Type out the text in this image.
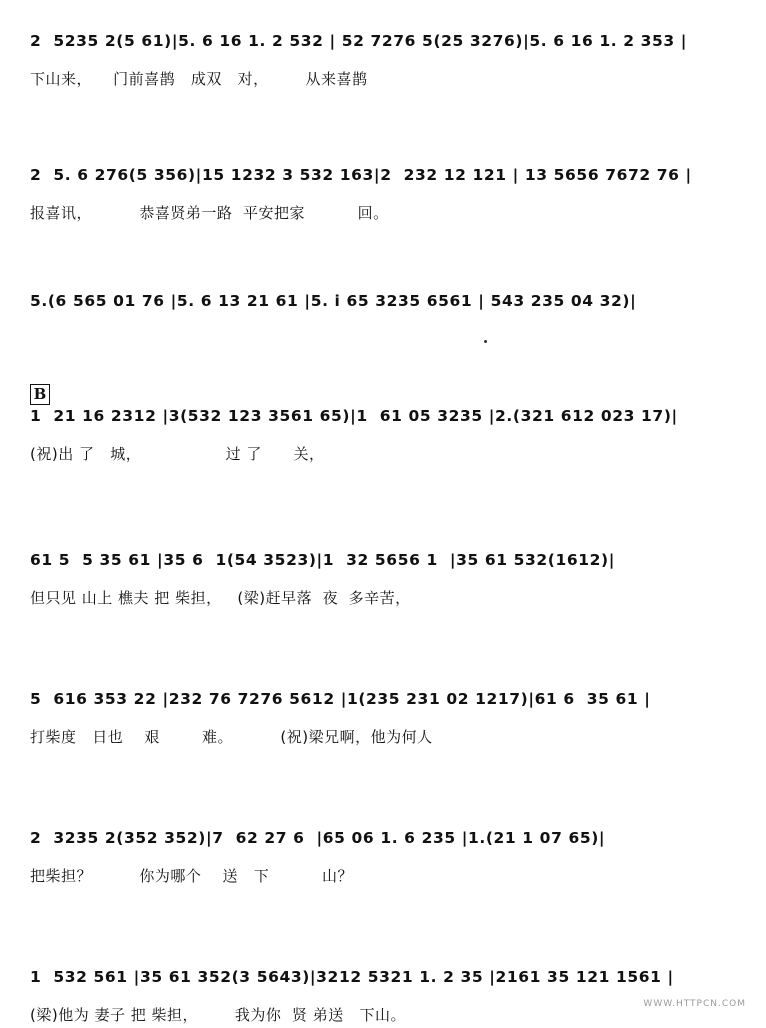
2  5235 2(5 61)|5. 6 16 1. 2 532 | 52 7276 5(25 3276)|5. 6 16 1. 2 353 |
下山来，    门前喜鹊   成双   对，       从来喜鹊
2  5. 6 276(5 356)|15 1232 3 532 163|2  232 12 121 | 13 5656 7672 76 |
报喜讯，         恭喜贤弟一路  平安把家          回。
5.(6 565 01 76 |5. 6 13 21 61 |5. i 65 3235 6561 | 543 235 04 32)|
B
1  21 16 2312 |3(532 123 3561 65)|1  61 05 3235 |2.(321 612 023 17)|
(祝)出 了   城，                过 了      关，
61 5  5 35 61 |35 6  1(54 3523)|1  32 5656 1  |35 61 532(1612)|
但只见 山上 樵夫 把 柴担，   (梁)赶早落  夜  多辛苦，
5  616 353 22 |232 76 7276 5612 |1(235 231 02 1217)|61 6  35 61 |
打柴度   日也    艰        难。         (祝)梁兄啊，他为何人
2  3235 2(352 352)|7  62 27 6  |65 06 1. 6 235 |1.(21 1 07 65)|
把柴担？         你为哪个    送   下          山？
1  532 561 |35 61 352(3 5643)|3212 5321 1. 2 35 |2161 35 121 1561 |
(梁)他为 妻子 把 柴担，       我为你  贤 弟送   下山。
WWW.HTTPCN.COM
